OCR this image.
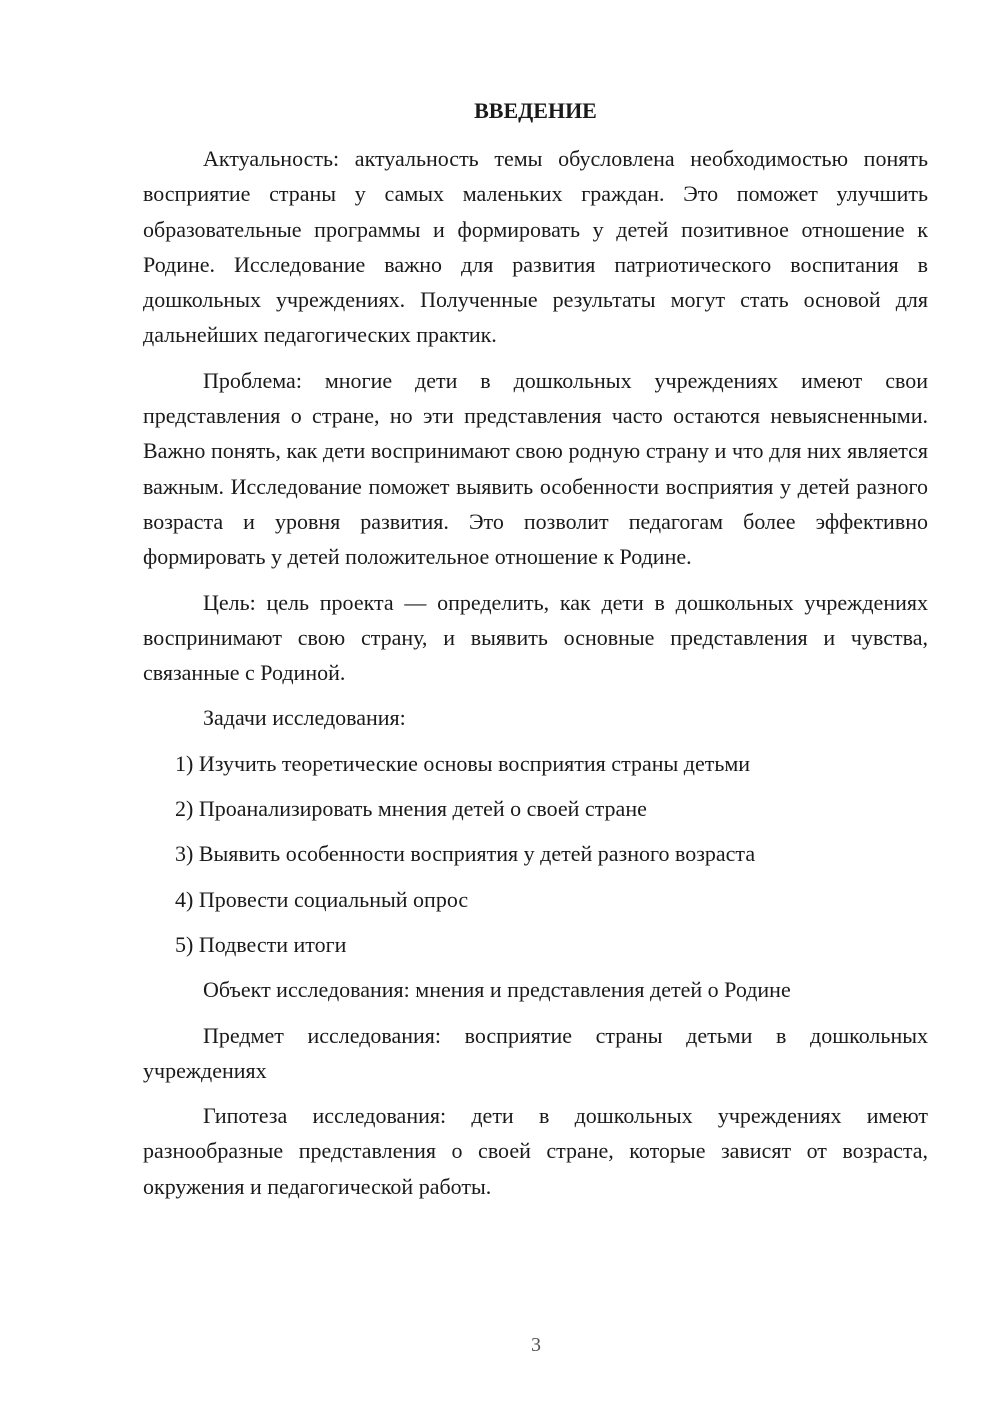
ВВЕДЕНИЕ

Актуальность: актуальность темы обусловлена необходимостью понять восприятие страны у самых маленьких граждан. Это поможет улучшить образовательные программы и формировать у детей позитивное отношение к Родине. Исследование важно для развития патриотического воспитания в дошкольных учреждениях. Полученные результаты могут стать основой для дальнейших педагогических практик.

Проблема: многие дети в дошкольных учреждениях имеют свои представления о стране, но эти представления часто остаются невыясненными. Важно понять, как дети воспринимают свою родную страну и что для них является важным. Исследование поможет выявить особенности восприятия у детей разного возраста и уровня развития. Это позволит педагогам более эффективно формировать у детей положительное отношение к Родине.

Цель: цель проекта — определить, как дети в дошкольных учреждениях воспринимают свою страну, и выявить основные представления и чувства, связанные с Родиной.

Задачи исследования:

1) Изучить теоретические основы восприятия страны детьми
2) Проанализировать мнения детей о своей стране
3) Выявить особенности восприятия у детей разного возраста
4) Провести социальный опрос
5) Подвести итоги

Объект исследования: мнения и представления детей о Родине

Предмет исследования: восприятие страны детьми в дошкольных учреждениях

Гипотеза исследования: дети в дошкольных учреждениях имеют разнообразные представления о своей стране, которые зависят от возраста, окружения и педагогической работы.

3
